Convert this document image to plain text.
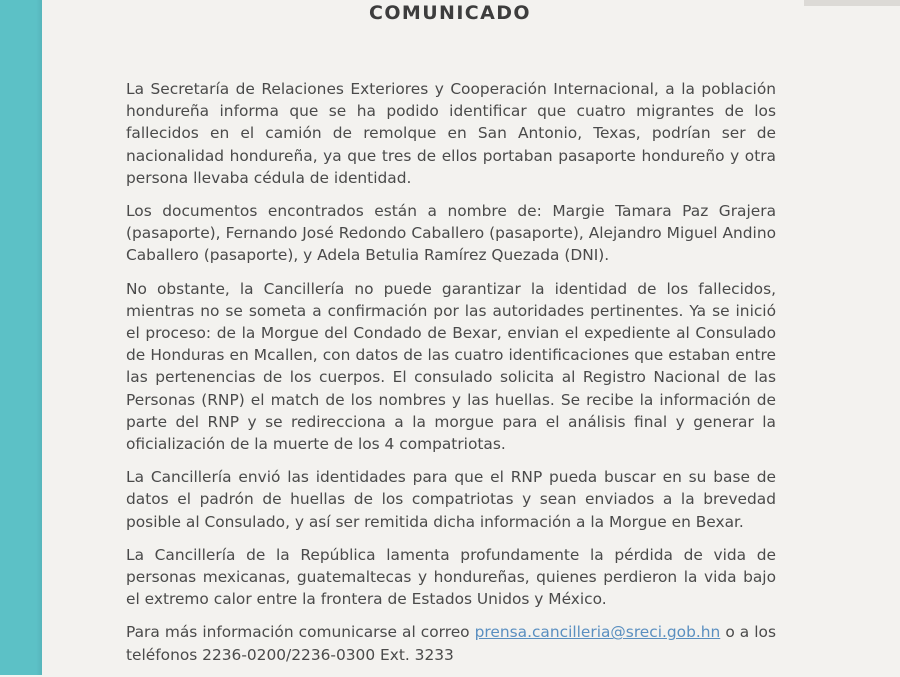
COMUNICADO

La Secretaría de Relaciones Exteriores y Cooperación Internacional, a la población hondureña informa que se ha podido identificar que cuatro migrantes de los fallecidos en el camión de remolque en San Antonio, Texas, podrían ser de nacionalidad hondureña, ya que tres de ellos portaban pasaporte hondureño y otra persona llevaba cédula de identidad.

Los documentos encontrados están a nombre de: Margie Tamara Paz Grajera (pasaporte), Fernando José Redondo Caballero (pasaporte), Alejandro Miguel Andino Caballero (pasaporte), y Adela Betulia Ramírez Quezada (DNI).

No obstante, la Cancillería no puede garantizar la identidad de los fallecidos, mientras no se someta a confirmación por las autoridades pertinentes. Ya se inició el proceso: de la Morgue del Condado de Bexar, envian el expediente al Consulado de Honduras en Mcallen, con datos de las cuatro identificaciones que estaban entre las pertenencias de los cuerpos. El consulado solicita al Registro Nacional de las Personas (RNP) el match de los nombres y las huellas. Se recibe la información de parte del RNP y se redirecciona a la morgue para el análisis final y generar la oficialización de la muerte de los 4 compatriotas.

La Cancillería envió las identidades para que el RNP pueda buscar en su base de datos el padrón de huellas de los compatriotas y sean enviados a la brevedad posible al Consulado, y así ser remitida dicha información a la Morgue en Bexar.

La Cancillería de la República lamenta profundamente la pérdida de vida de personas mexicanas, guatemaltecas y hondureñas, quienes perdieron la vida bajo el extremo calor entre la frontera de Estados Unidos y México.

Para más información comunicarse al correo prensa.cancilleria@sreci.gob.hn o a los teléfonos 2236-0200/2236-0300 Ext. 3233
